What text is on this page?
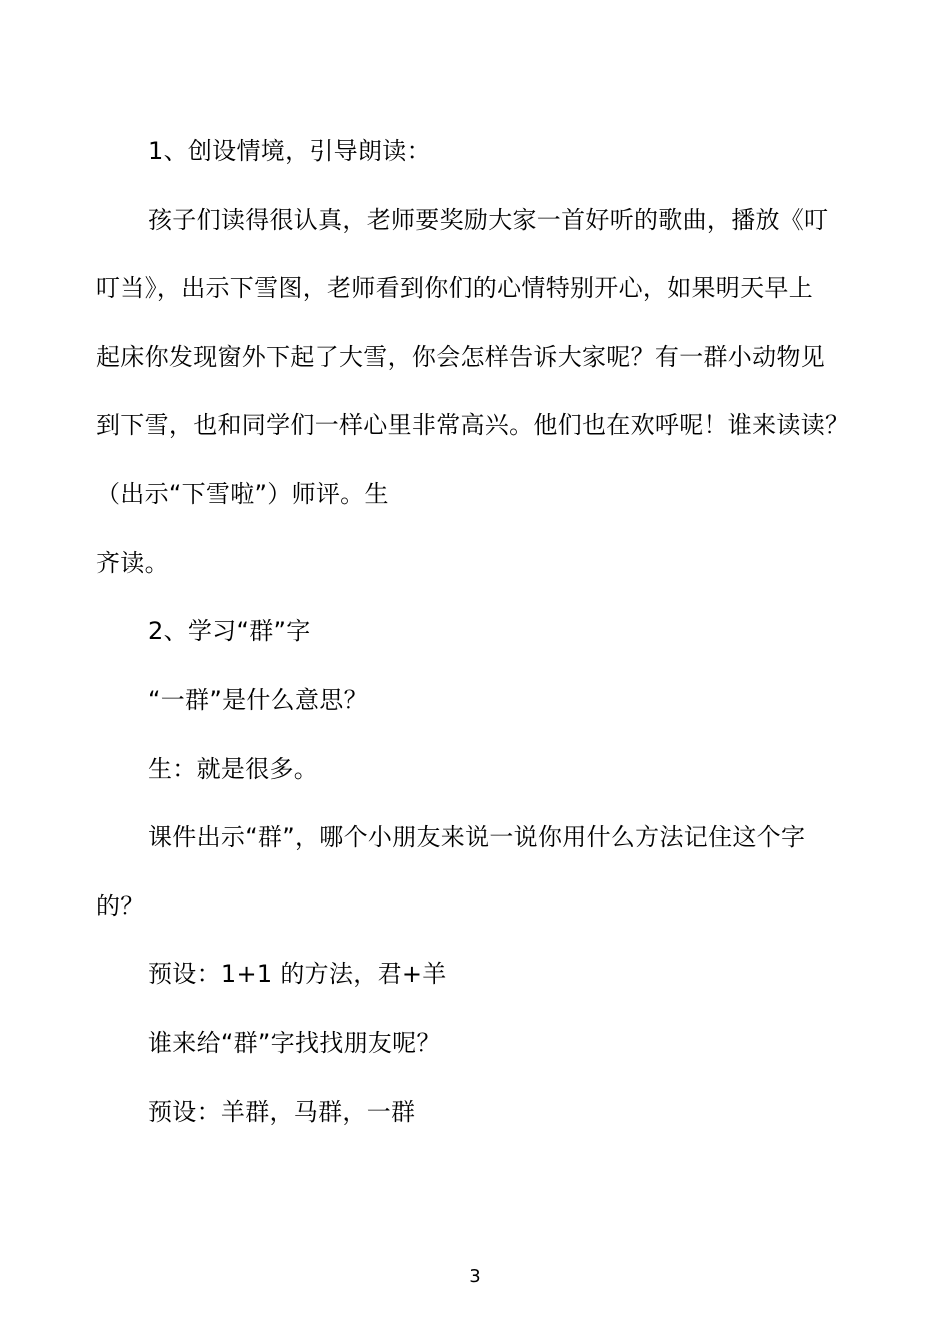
1、创设情境，引导朗读：
孩子们读得很认真，老师要奖励大家一首好听的歌曲，播放《叮
叮当》，出示下雪图，老师看到你们的心情特别开心，如果明天早上
起床你发现窗外下起了大雪，你会怎样告诉大家呢？有一群小动物见
到下雪，也和同学们一样心里非常高兴。他们也在欢呼呢！谁来读读？
（出示“下雪啦”）师评。生
齐读。
2、学习“群”字
“一群”是什么意思？
生：就是很多。
课件出示“群”，哪个小朋友来说一说你用什么方法记住这个字
的？
预设：1+1 的方法，君+羊
谁来给“群”字找找朋友呢？
预设：羊群，马群，一群
3
